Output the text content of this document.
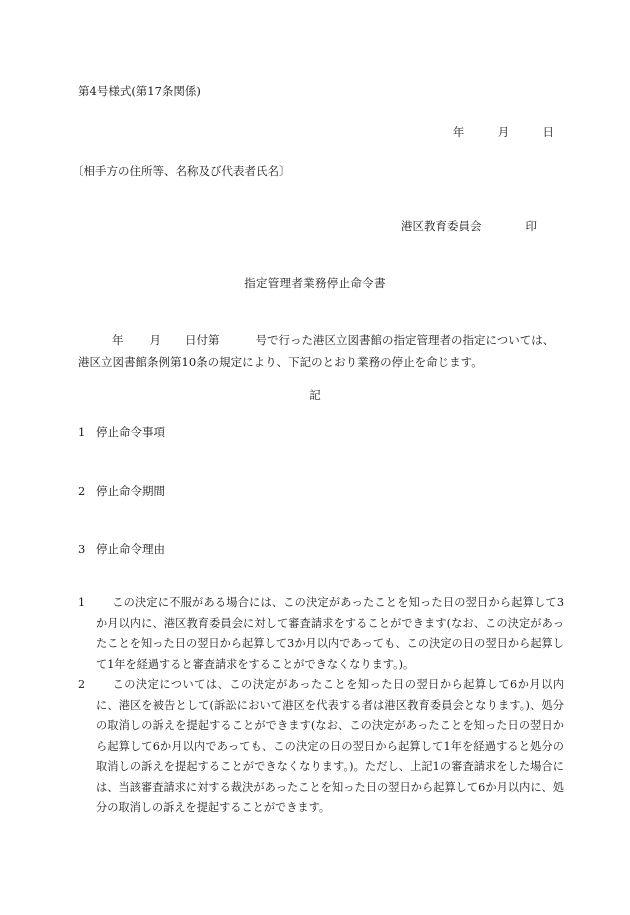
第4号様式(第17条関係)
年	月	日
〔相手方の住所等、名称及び代表者氏名〕
港区教育委員会	印
指定管理者業務停止命令書
年 月 日付第	号で行った港区立図書館の指定管理者の指定については、港区立図書館条例第10条の規定により、下記のとおり業務の停止を命じます。
記
1 停止命令事項
2 停止命令期間
3 停止命令理由
1 この決定に不服がある場合には、この決定があったことを知った日の翌日から起算して3か月以内に、港区教育委員会に対して審査請求をすることができます(なお、この決定があったことを知った日の翌日から起算して3か月以内であっても、この決定の日の翌日から起算して1年を経過すると審査請求をすることができなくなります。)。
2 この決定については、この決定があったことを知った日の翌日から起算して6か月以内に、港区を被告として(訴訟において港区を代表する者は港区教育委員会となります。)、処分の取消しの訴えを提起することができます(なお、この決定があったことを知った日の翌日から起算して6か月以内であっても、この決定の日の翌日から起算して1年を経過すると処分の取消しの訴えを提起することができなくなります。)。ただし、上記1の審査請求をした場合には、当該審査請求に対する裁決があったことを知った日の翌日から起算して6か月以内に、処分の取消しの訴えを提起することができます。
